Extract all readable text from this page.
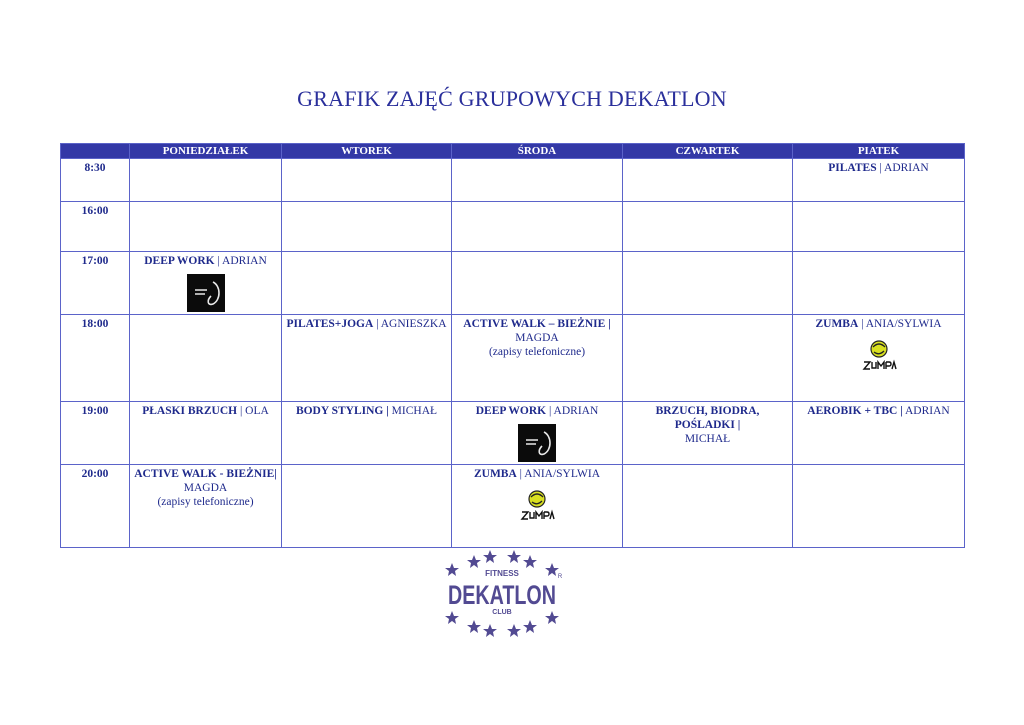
GRAFIK ZAJĘĆ GRUPOWYCH DEKATLON
	PONIEDZIAŁEK	WTOREK	ŚRODA	CZWARTEK	PIATEK
8:30					PILATES | ADRIAN

16:00					
17:00	DEEP WORK | ADRIAN				

18:00		PILATES+JOGA | AGNIESZKA	ACTIVE WALK – BIEŻNIE |
MAGDA
(zapisy telefoniczne)		ZUMBA | ANIA/SYLWIA

19:00	PŁASKI BRZUCH | OLA	BODY STYLING | MICHAŁ	DEEP WORK | ADRIAN	BRZUCH, BIODRA, POŚLADKI |
MICHAŁ	AEROBIK + TBC | ADRIAN

20:00	ACTIVE WALK - BIEŻNIE|
MAGDA
(zapisy telefoniczne)		ZUMBA | ANIA/SYLWIA		

FITNESS
DEKATLON
CLUB
R
